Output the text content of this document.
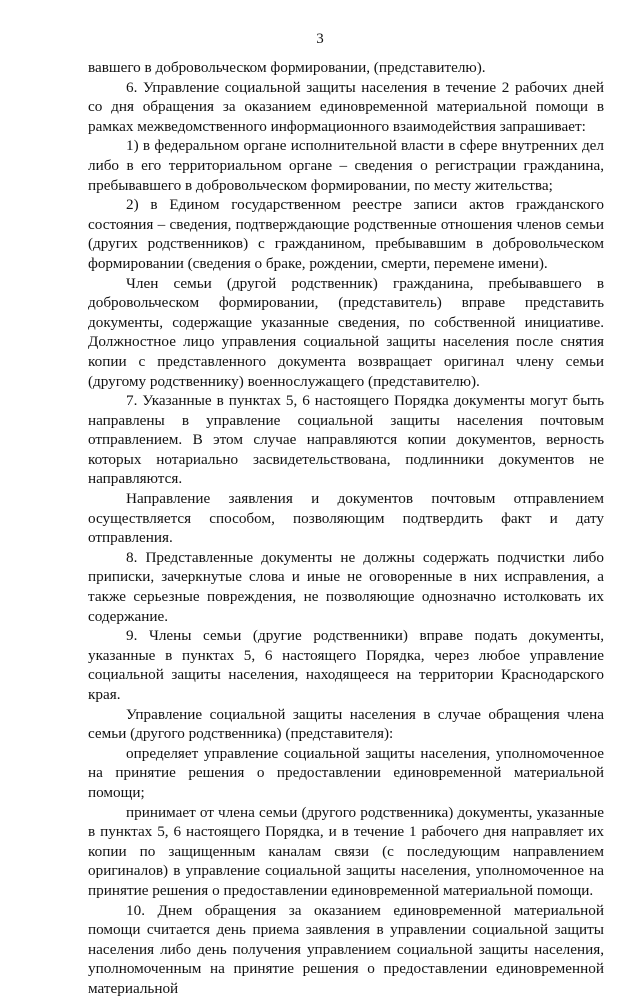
3

вавшего в добровольческом формировании, (представителю).

6. Управление социальной защиты населения в течение 2 рабочих дней со дня обращения за оказанием единовременной материальной помощи в рамках межведомственного информационного взаимодействия запрашивает:

1) в федеральном органе исполнительной власти в сфере внутренних дел либо в его территориальном органе – сведения о регистрации гражданина, пребывавшего в добровольческом формировании, по месту жительства;

2) в Едином государственном реестре записи актов гражданского состояния – сведения, подтверждающие родственные отношения членов семьи (других родственников) с гражданином, пребывавшим в добровольческом формировании (сведения о браке, рождении, смерти, перемене имени).

Член семьи (другой родственник) гражданина, пребывавшего в добровольческом формировании, (представитель) вправе представить документы, содержащие указанные сведения, по собственной инициативе. Должностное лицо управления социальной защиты населения после снятия копии с представленного документа возвращает оригинал члену семьи (другому родственнику) военнослужащего (представителю).

7. Указанные в пунктах 5, 6 настоящего Порядка документы могут быть направлены в управление социальной защиты населения почтовым отправлением. В этом случае направляются копии документов, верность которых нотариально засвидетельствована, подлинники документов не направляются.

Направление заявления и документов почтовым отправлением осуществляется способом, позволяющим подтвердить факт и дату отправления.

8. Представленные документы не должны содержать подчистки либо приписки, зачеркнутые слова и иные не оговоренные в них исправления, а также серьезные повреждения, не позволяющие однозначно истолковать их содержание.

9. Члены семьи (другие родственники) вправе подать документы, указанные в пунктах 5, 6 настоящего Порядка, через любое управление социальной защиты населения, находящееся на территории Краснодарского края.

Управление социальной защиты населения в случае обращения члена семьи (другого родственника) (представителя):

определяет управление социальной защиты населения, уполномоченное на принятие решения о предоставлении единовременной материальной помощи;

принимает от члена семьи (другого родственника) документы, указанные в пунктах 5, 6 настоящего Порядка, и в течение 1 рабочего дня направляет их копии по защищенным каналам связи (с последующим направлением оригиналов) в управление социальной защиты населения, уполномоченное на принятие решения о предоставлении единовременной материальной помощи.

10. Днем обращения за оказанием единовременной материальной помощи считается день приема заявления в управлении социальной защиты населения либо день получения управлением социальной защиты населения, уполномоченным на принятие решения о предоставлении единовременной материальной
